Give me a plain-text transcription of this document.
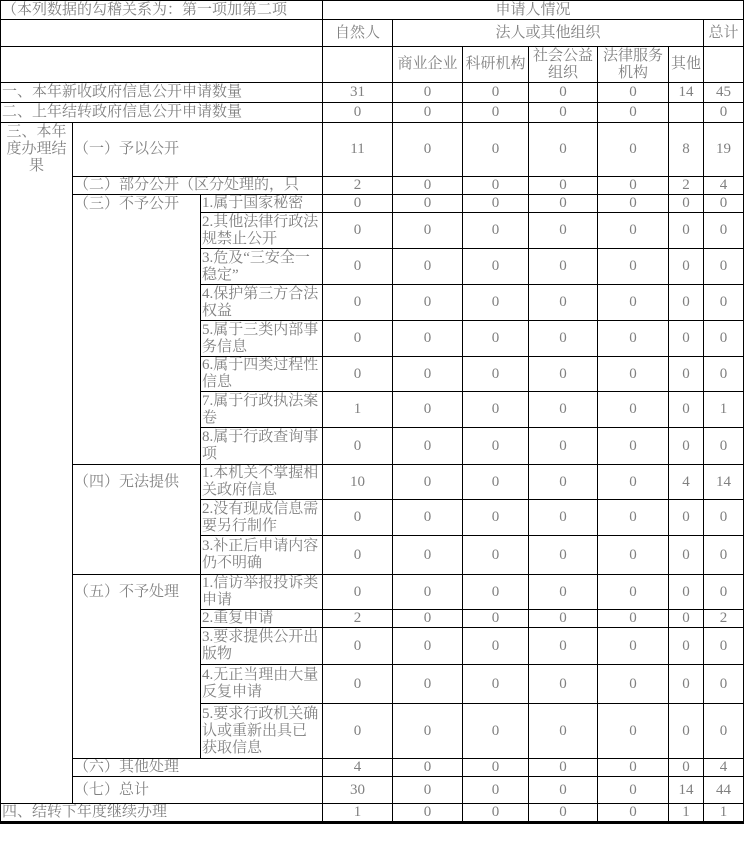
（本列数据的勾稽关系为：第一项加第二项			申请人情况						
			自然人	法人或其他组织					总计
				商业企业	科研机构	社会公益组织	法律服务机构	其他	
一、本年新收政府信息公开申请数量			31	0	0	0	0	14	45
二、上年结转政府信息公开申请数量			0	0	0	0	0		0
三、本年度办理结果	（一）予以公开		11	0	0	0	0	8	19
	（二）部分公开（区分处理的，只		2	0	0	0	0	2	4
	（三）不予公开	1.属于国家秘密	0	0	0	0	0	0	0
		2.其他法律行政法规禁止公开	0	0	0	0	0	0	0
		3.危及“三安全一稳定”	0	0	0	0	0	0	0
		4.保护第三方合法权益	0	0	0	0	0	0	0
		5.属于三类内部事务信息	0	0	0	0	0	0	0
		6.属于四类过程性信息	0	0	0	0	0	0	0
		7.属于行政执法案卷	1	0	0	0	0	0	1
		8.属于行政查询事项	0	0	0	0	0	0	0
	（四）无法提供	1.本机关不掌握相关政府信息	10	0	0	0	0	4	14
		2.没有现成信息需要另行制作	0	0	0	0	0	0	0
		3.补正后申请内容仍不明确	0	0	0	0	0	0	0
	（五）不予处理	1.信访举报投诉类申请	0	0	0	0	0	0	0
		2.重复申请	2	0	0	0	0	0	2
		3.要求提供公开出版物	0	0	0	0	0	0	0
		4.无正当理由大量反复申请	0	0	0	0	0	0	0
		5.要求行政机关确认或重新出具已获取信息	0	0	0	0	0	0	0
	（六）其他处理		4	0	0	0	0	0	4
	（七）总计		30	0	0	0	0	14	44
四、结转下年度继续办理			1	0	0	0	0	1	1
